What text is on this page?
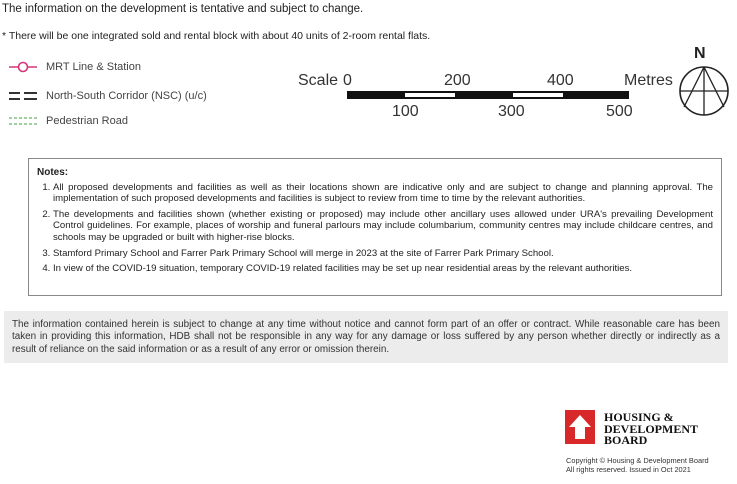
The information on the development is tentative and subject to change.
* There will be one integrated sold and rental block with about 40 units of 2-room rental flats.
MRT Line & Station
North-South Corridor (NSC) (u/c)
Pedestrian Road
Scale 0	200	400	Metres
100	300	500
N
Notes:
1. All proposed developments and facilities as well as their locations shown are indicative only and are subject to change and planning approval. The implementation of such proposed developments and facilities is subject to review from time to time by the relevant authorities.
2. The developments and facilities shown (whether existing or proposed) may include other ancillary uses allowed under URA's prevailing Development Control guidelines. For example, places of worship and funeral parlours may include columbarium, community centres may include childcare centres, and schools may be upgraded or built with higher-rise blocks.
3. Stamford Primary School and Farrer Park Primary School will merge in 2023 at the site of Farrer Park Primary School.
4. In view of the COVID-19 situation, temporary COVID-19 related facilities may be set up near residential areas by the relevant authorities.
The information contained herein is subject to change at any time without notice and cannot form part of an offer or contract. While reasonable care has been taken in providing this information, HDB shall not be responsible in any way for any damage or loss suffered by any person whether directly or indirectly as a result of reliance on the said information or as a result of any error or omission therein.
HOUSING &
DEVELOPMENT
BOARD
Copyright © Housing & Development Board
All rights reserved. Issued in Oct 2021
